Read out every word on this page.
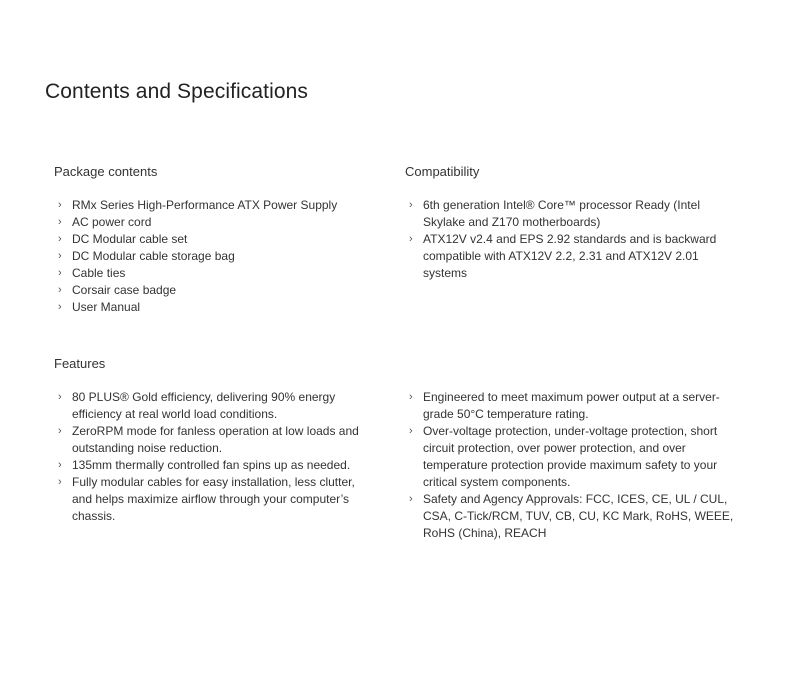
Contents and Specifications
Package contents
› RMx Series High-Performance ATX Power Supply
› AC power cord
› DC Modular cable set
› DC Modular cable storage bag
› Cable ties
› Corsair case badge
› User Manual
Compatibility
› 6th generation Intel® Core™ processor Ready (Intel Skylake and Z170 motherboards)
› ATX12V v2.4 and EPS 2.92 standards and is backward compatible with ATX12V 2.2, 2.31 and ATX12V 2.01 systems
Features
› 80 PLUS® Gold efficiency, delivering 90% energy efficiency at real world load conditions.
› ZeroRPM mode for fanless operation at low loads and outstanding noise reduction.
› 135mm thermally controlled fan spins up as needed.
› Fully modular cables for easy installation, less clutter, and helps maximize airflow through your computer’s chassis.
› Engineered to meet maximum power output at a server-grade 50°C temperature rating.
› Over-voltage protection, under-voltage protection, short circuit protection, over power protection, and over temperature protection provide maximum safety to your critical system components.
› Safety and Agency Approvals: FCC, ICES, CE, UL / CUL, CSA, C-Tick/RCM, TUV, CB, CU, KC Mark, RoHS, WEEE, RoHS (China), REACH
